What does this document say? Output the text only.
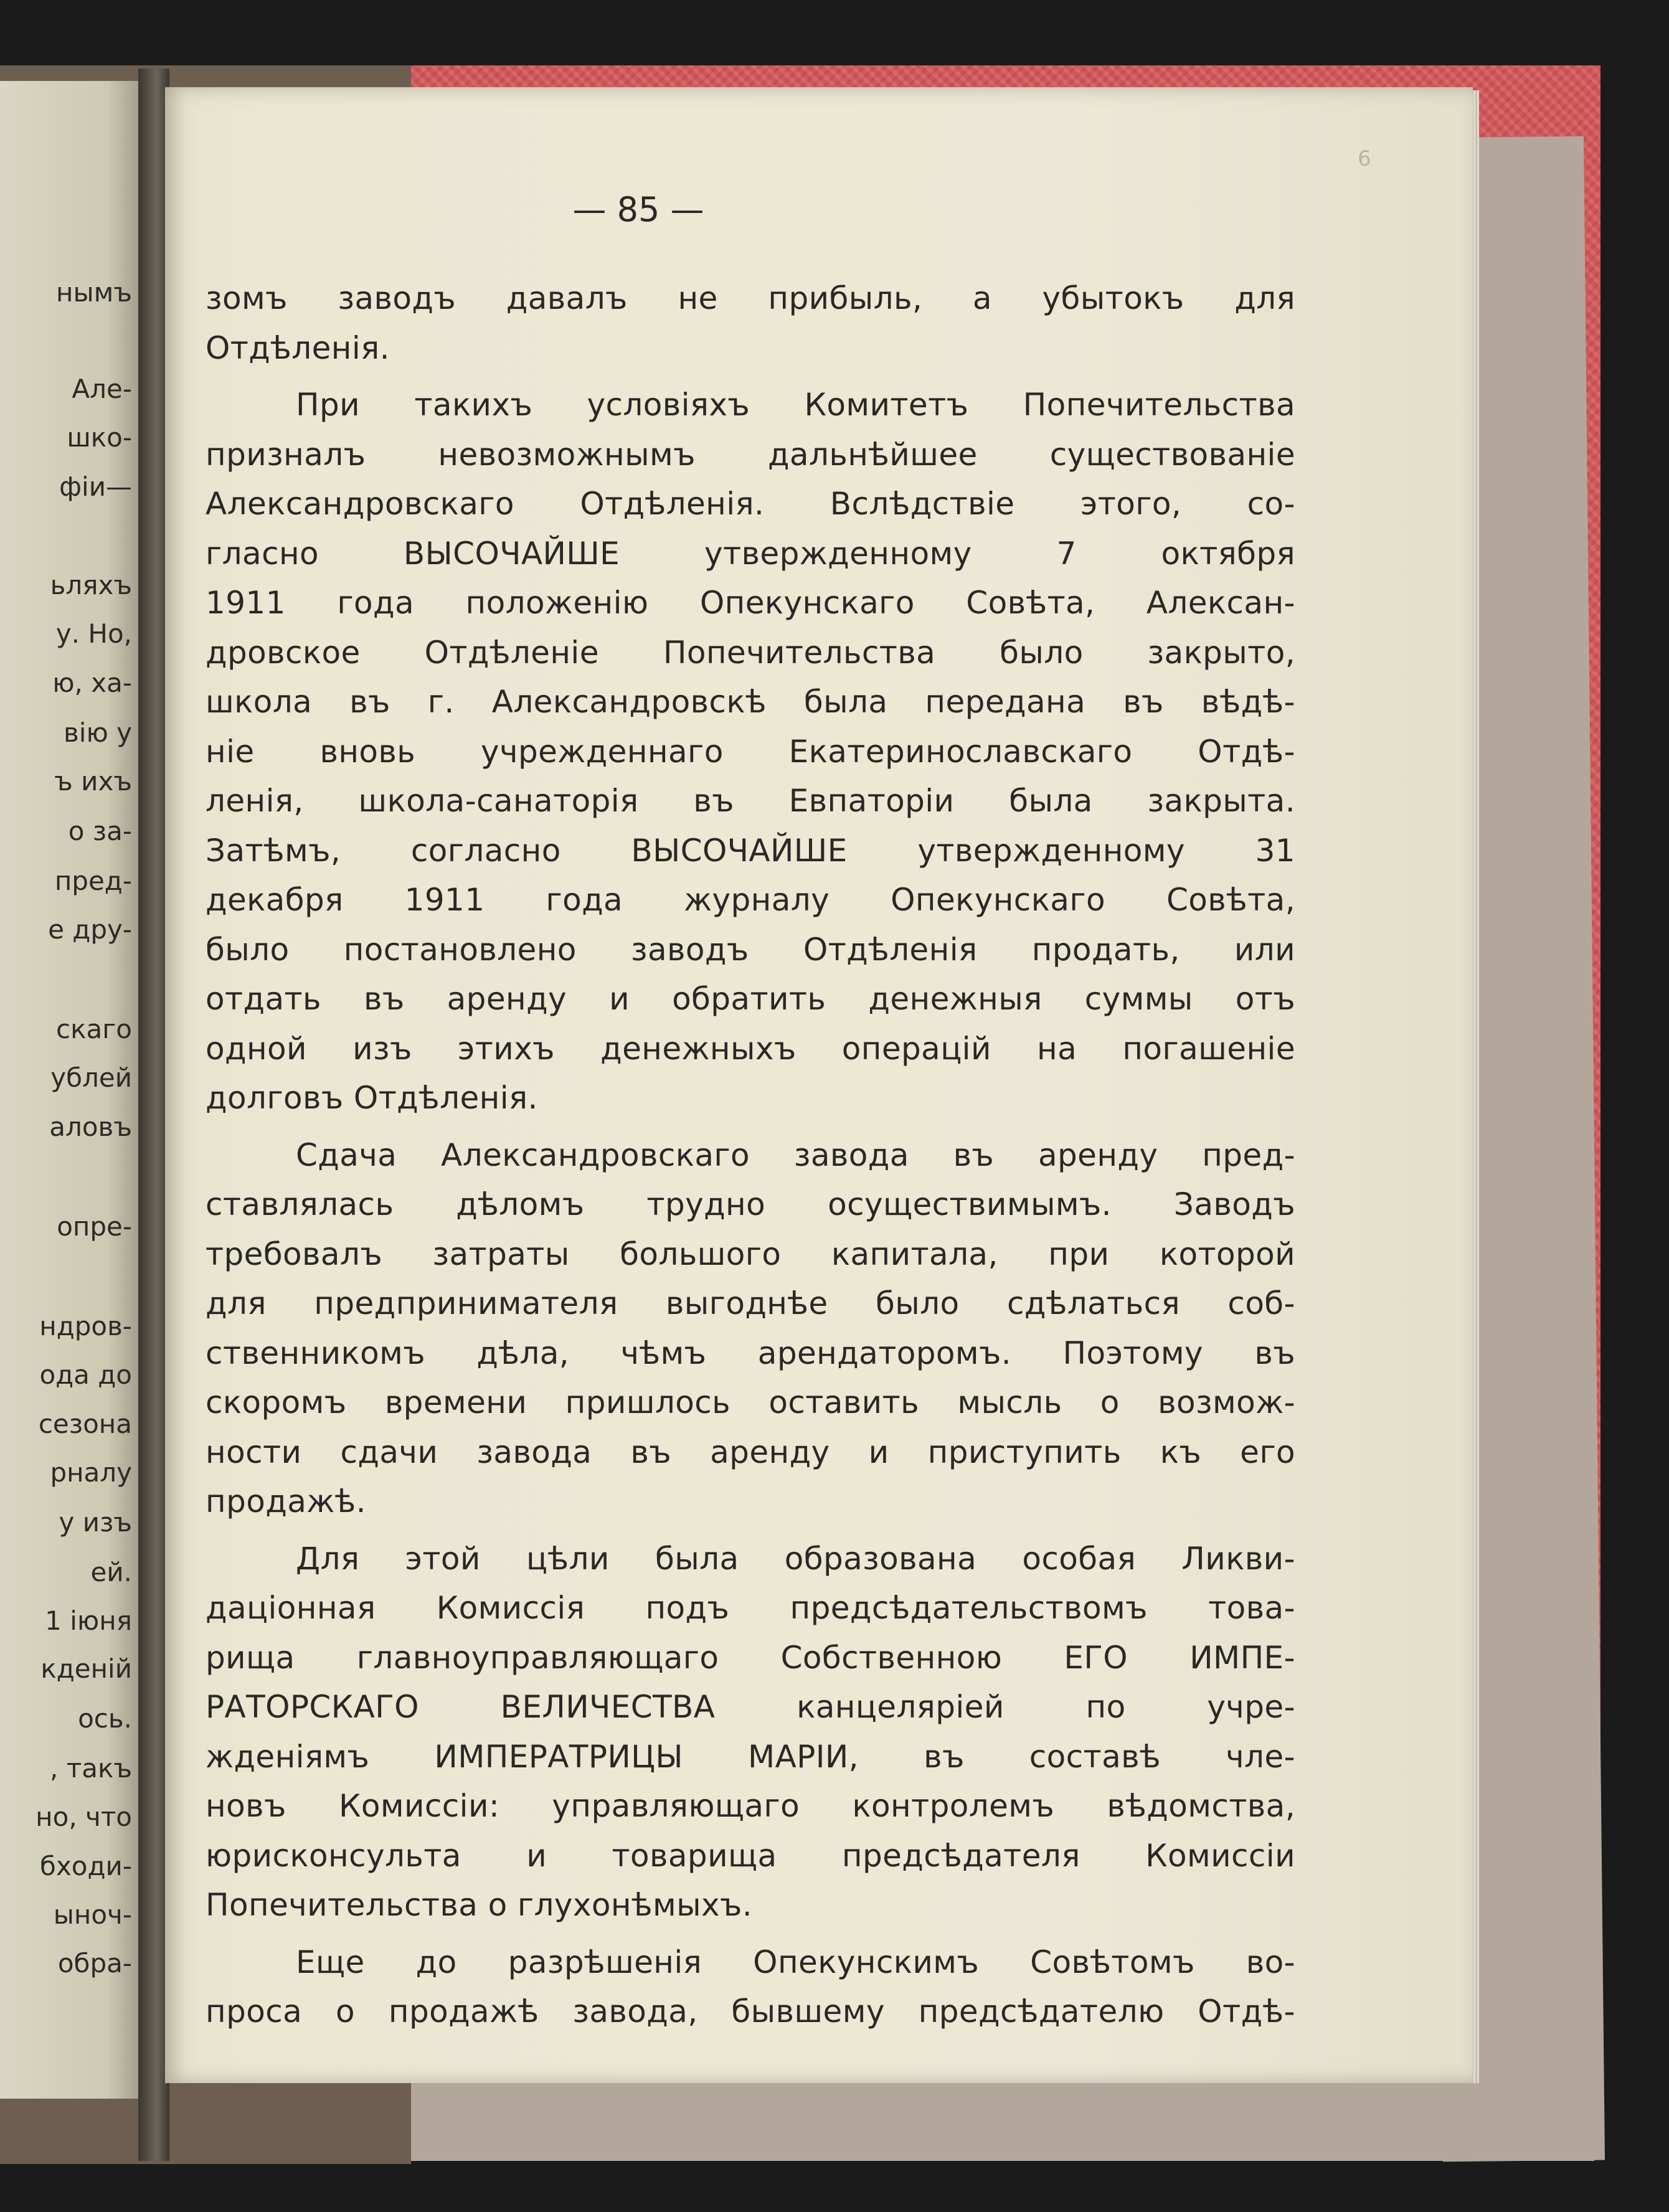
нымъ
Але-
шко-
фiи—
ьляхъ
у. Но,
ю, ха-
вiю у
ъ ихъ
о за-
пред-
е дру-
скаго
ублей
аловъ
опре-
ндров-
ода до
сезона
рналу
у изъ
ей.
1 iюня
кденiй
ось.
, такъ
но, что
бходи-
ыноч-
обра-
6
— 85 —
зомъ заводъ давалъ не прибыль, а убытокъ для
Отдѣленiя.
При такихъ условiяхъ Комитетъ Попечительства
призналъ невозможнымъ дальнѣйшее существованiе
Александровскаго Отдѣленiя. Вслѣдствiе этого, со-
гласно ВЫСОЧАЙШЕ утвержденному 7 октября
1911 года положенiю Опекунскаго Совѣта, Алексан-
дровское Отдѣленiе Попечительства было закрыто,
школа въ г. Александровскѣ была передана въ вѣдѣ-
нiе вновь учрежденнаго Екатеринославскаго Отдѣ-
ленiя, школа-санаторiя въ Евпаторiи была закрыта.
Затѣмъ, согласно ВЫСОЧАЙШЕ утвержденному 31
декабря 1911 года журналу Опекунскаго Совѣта,
было постановлено заводъ Отдѣленiя продать, или
отдать въ аренду и обратить денежныя суммы отъ
одной изъ этихъ денежныхъ операцiй на погашенiе
долговъ Отдѣленiя.
Сдача Александровскаго завода въ аренду пред-
ставлялась дѣломъ трудно осуществимымъ. Заводъ
требовалъ затраты большого капитала, при которой
для предпринимателя выгоднѣе было сдѣлаться соб-
ственникомъ дѣла, чѣмъ арендаторомъ. Поэтому въ
скоромъ времени пришлось оставить мысль о возмож-
ности сдачи завода въ аренду и приступить къ его
продажѣ.
Для этой цѣли была образована особая Ликви-
дацiонная Комиссiя подъ предсѣдательствомъ това-
рища главноуправляющаго Собственною ЕГО ИМПЕ-
РАТОРСКАГО ВЕЛИЧЕСТВА канцелярiей по учре-
жденiямъ ИМПЕРАТРИЦЫ МАРIИ, въ составѣ чле-
новъ Комиссiи: управляющаго контролемъ вѣдомства,
юрисконсульта и товарища предсѣдателя Комиссiи
Попечительства о глухонѣмыхъ.
Еще до разрѣшенiя Опекунскимъ Совѣтомъ во-
проса о продажѣ завода, бывшему предсѣдателю Отдѣ-
